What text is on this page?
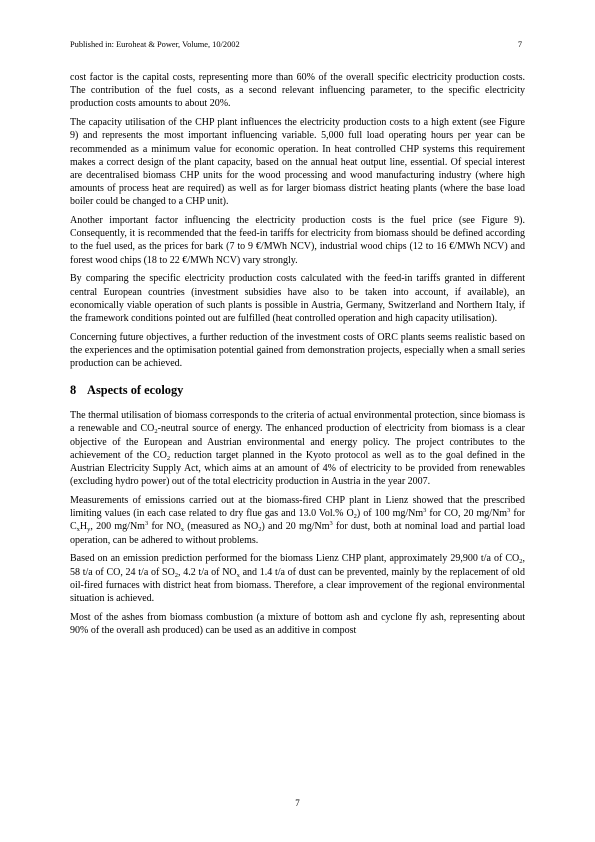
Published in: Euroheat & Power, Volume, 10/2002	7

cost factor is the capital costs, representing more than 60% of the overall specific electricity production costs. The contribution of the fuel costs, as a second relevant influencing parameter, to the specific electricity production costs amounts to about 20%.

The capacity utilisation of the CHP plant influences the electricity production costs to a high extent (see Figure 9) and represents the most important influencing variable. 5,000 full load operating hours per year can be recommended as a minimum value for economic operation. In heat controlled CHP systems this requirement makes a correct design of the plant capacity, based on the annual heat output line, essential. Of special interest are decentralised biomass CHP units for the wood processing and wood manufacturing industry (where high amounts of process heat are required) as well as for larger biomass district heating plants (where the base load boiler could be changed to a CHP unit).

Another important factor influencing the electricity production costs is the fuel price (see Figure 9). Consequently, it is recommended that the feed-in tariffs for electricity from biomass should be defined according to the fuel used, as the prices for bark (7 to 9 €/MWh NCV), industrial wood chips (12 to 16 €/MWh NCV) and forest wood chips (18 to 22 €/MWh NCV) vary strongly.

By comparing the specific electricity production costs calculated with the feed-in tariffs granted in different central European countries (investment subsidies have also to be taken into account, if available), an economically viable operation of such plants is possible in Austria, Germany, Switzerland and Northern Italy, if the framework conditions pointed out are fulfilled (heat controlled operation and high capacity utilisation).

Concerning future objectives, a further reduction of the investment costs of ORC plants seems realistic based on the experiences and the optimisation potential gained from demonstration projects, especially when a small series production can be achieved.

8 Aspects of ecology

The thermal utilisation of biomass corresponds to the criteria of actual environmental protection, since biomass is a renewable and $CO_2$-neutral source of energy. The enhanced production of electricity from biomass is a clear objective of the European and Austrian environmental and energy policy. The project contributes to the achievement of the $CO_2$ reduction target planned in the Kyoto protocol as well as to the goal defined in the Austrian Electricity Supply Act, which aims at an amount of 4% of electricity to be provided from renewables (excluding hydro power) out of the total electricity production in Austria in the year 2007.

Measurements of emissions carried out at the biomass-fired CHP plant in Lienz showed that the prescribed limiting values (in each case related to dry flue gas and 13.0 Vol.% $O_2$) of 100 mg/Nm$^3$ for CO, 20 mg/Nm$^3$ for $C_xH_y$, 200 mg/Nm$^3$ for $NO_x$ (measured as $NO_2$) and 20 mg/Nm$^3$ for dust, both at nominal load and partial load operation, can be adhered to without problems.

Based on an emission prediction performed for the biomass Lienz CHP plant, approximately 29,900 t/a of $CO_2$, 58 t/a of CO, 24 t/a of $SO_2$, 4.2 t/a of $NO_x$ and 1.4 t/a of dust can be prevented, mainly by the replacement of old oil-fired furnaces with district heat from biomass. Therefore, a clear improvement of the regional environmental situation is achieved.

Most of the ashes from biomass combustion (a mixture of bottom ash and cyclone fly ash, representing about 90% of the overall ash produced) can be used as an additive in compost

7
